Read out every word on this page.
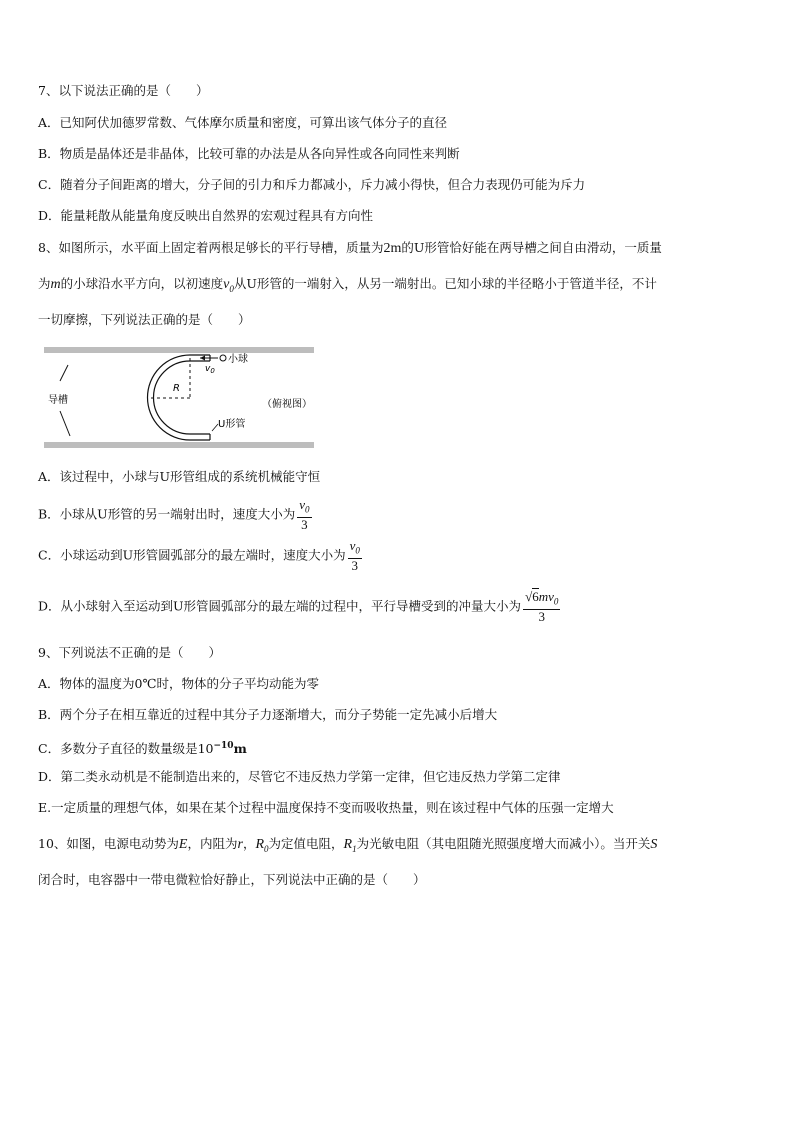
7、以下说法正确的是（　　）
A．已知阿伏加德罗常数、气体摩尔质量和密度，可算出该气体分子的直径
B．物质是晶体还是非晶体，比较可靠的办法是从各向异性或各向同性来判断
C．随着分子间距离的增大，分子间的引力和斥力都减小，斥力减小得快，但合力表现仍可能为斥力
D．能量耗散从能量角度反映出自然界的宏观过程具有方向性
8、如图所示，水平面上固定着两根足够长的平行导槽，质量为2m的U形管恰好能在两导槽之间自由滑动，一质量
为m的小球沿水平方向，以初速度$v_0$从U形管的一端射入，从另一端射出。已知小球的半径略小于管道半径，不计
一切摩擦，下列说法正确的是（　　）
导槽
R
小球
$v_0$
U形管
（俯视图）
A．该过程中，小球与U形管组成的系统机械能守恒
B．小球从U形管的另一端射出时，速度大小为 $\frac{v_0}{3}$
C．小球运动到U形管圆弧部分的最左端时，速度大小为 $\frac{v_0}{3}$
D．从小球射入至运动到U形管圆弧部分的最左端的过程中，平行导槽受到的冲量大小为 $\frac{√6mv_0}{3}$
9、下列说法不正确的是（　　）
A．物体的温度为0℃时，物体的分子平均动能为零
B．两个分子在相互靠近的过程中其分子力逐渐增大，而分子势能一定先减小后增大
C．多数分子直径的数量级是$10^{-10}m$
D．第二类永动机是不能制造出来的，尽管它不违反热力学第一定律，但它违反热力学第二定律
E.一定质量的理想气体，如果在某个过程中温度保持不变而吸收热量，则在该过程中气体的压强一定增大
10、如图，电源电动势为E，内阻为r，$R_0$为定值电阻，$R_1$为光敏电阻（其电阻随光照强度增大而减小）。当开关S
闭合时，电容器中一带电微粒恰好静止，下列说法中正确的是（　　）
